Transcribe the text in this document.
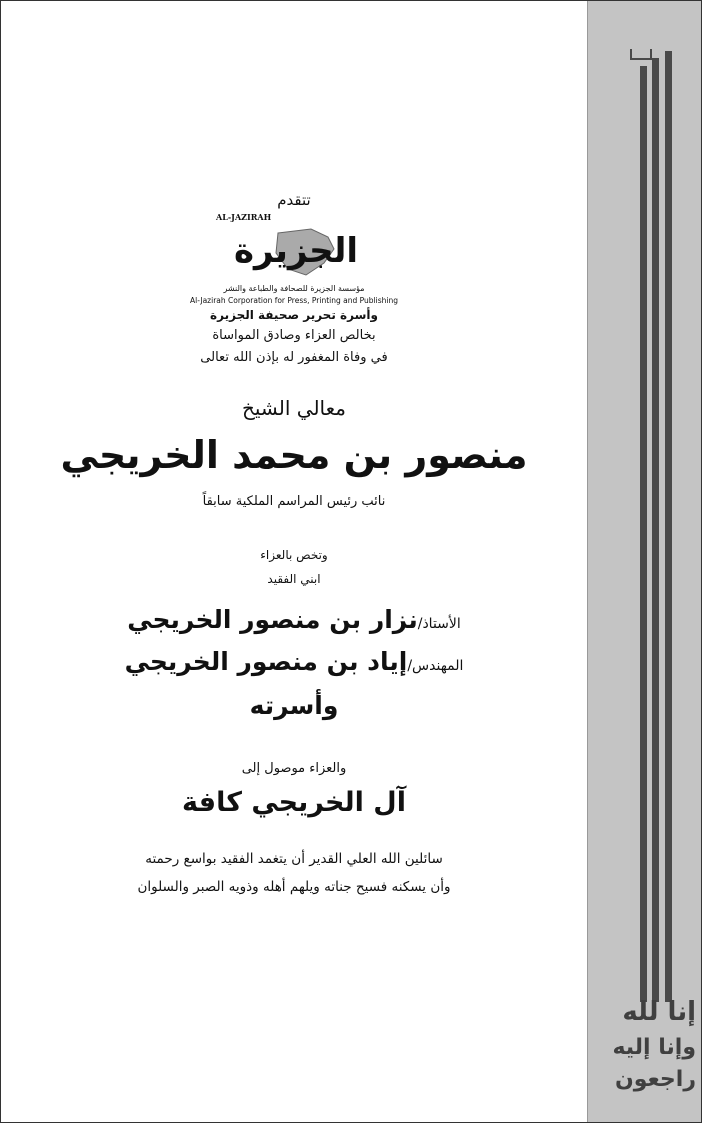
تتقدم
AL-JAZIRAH
الجزيرة
مؤسسة الجزيرة للصحافة والطباعة والنشر
Al-Jazirah Corporation for Press, Printing and Publishing
وأسرة تحرير صحيفة الجزيرة
بخالص العزاء وصادق المواساة
في وفاة المغفور له بإذن الله تعالى
معالي الشيخ
منصور بن محمد الخريجي
نائب رئيس المراسم الملكية سابقاً
وتخص بالعزاء
ابني الفقيد
الأستاذ/نزار بن منصور الخريجي
المهندس/إياد بن منصور الخريجي
وأسرته
والعزاء موصول إلى
آل الخريجي كافة
سائلين الله العلي القدير أن يتغمد الفقيد بواسع رحمته
وأن يسكنه فسيح جناته ويلهم أهله وذويه الصبر والسلوان
إنا لله
وإنا إليه
راجعون
